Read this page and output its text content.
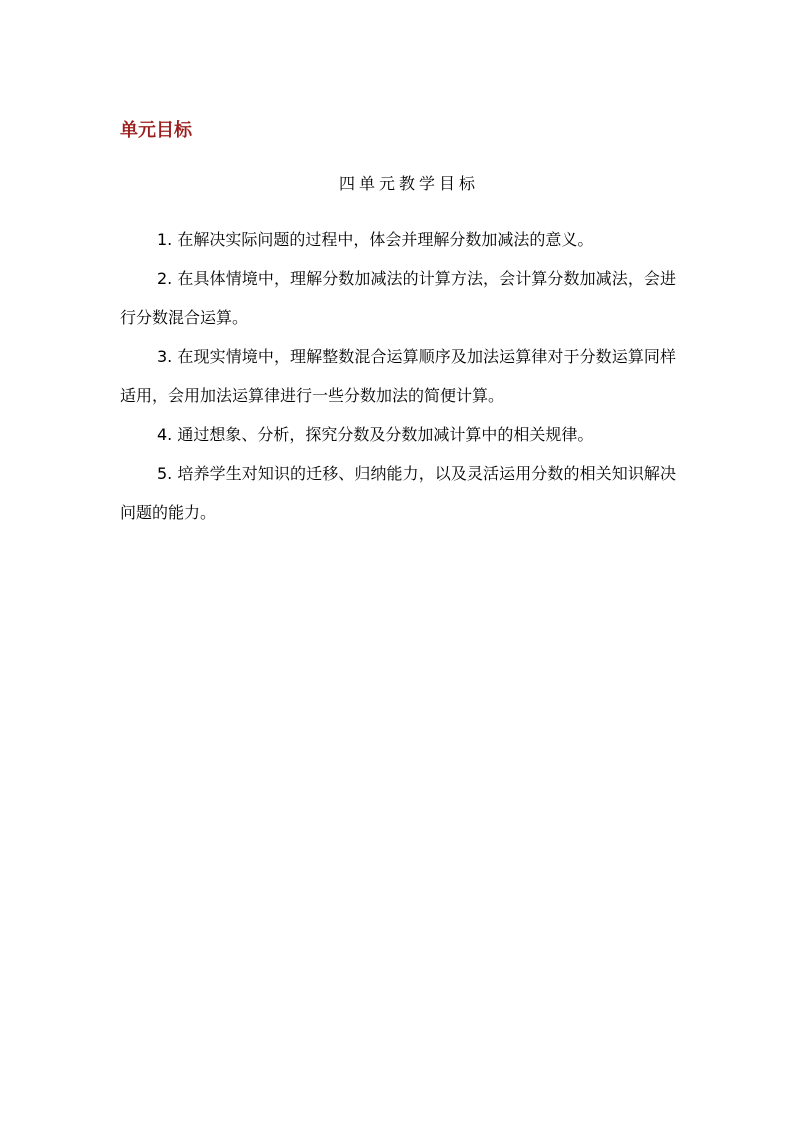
单元目标
四单元教学目标
1. 在解决实际问题的过程中，体会并理解分数加减法的意义。
2. 在具体情境中，理解分数加减法的计算方法，会计算分数加减法，会进行分数混合运算。
3. 在现实情境中，理解整数混合运算顺序及加法运算律对于分数运算同样适用，会用加法运算律进行一些分数加法的简便计算。
4. 通过想象、分析，探究分数及分数加减计算中的相关规律。
5. 培养学生对知识的迁移、归纳能力，以及灵活运用分数的相关知识解决问题的能力。
